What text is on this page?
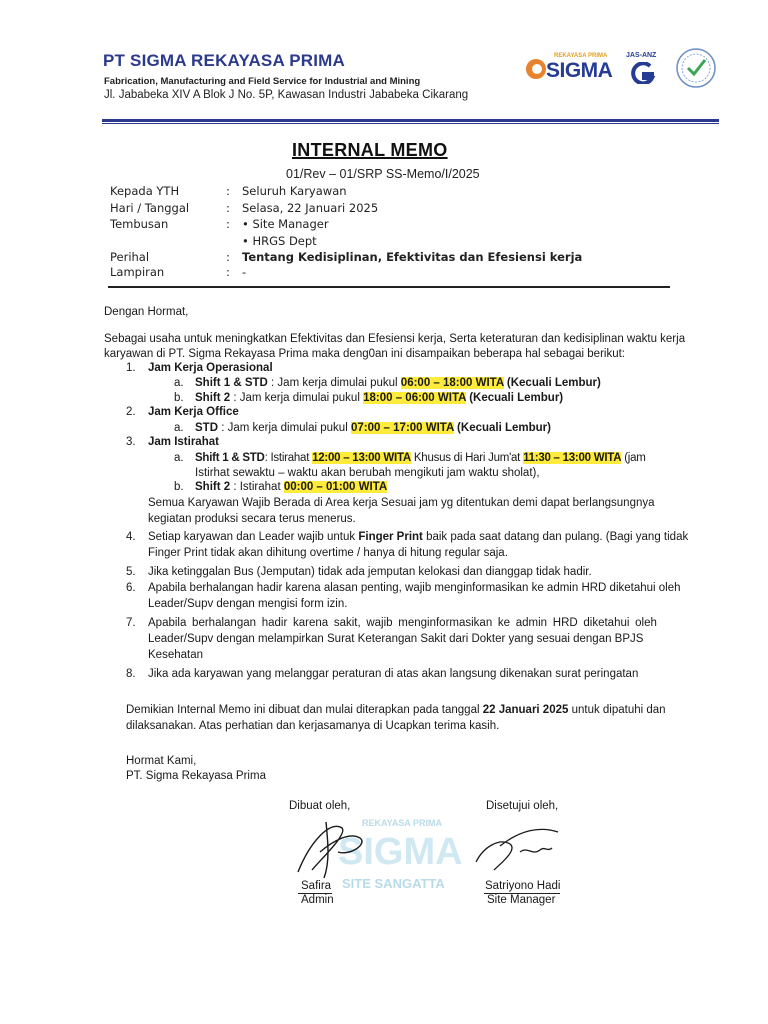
PT SIGMA REKAYASA PRIMA
Fabrication, Manufacturing and Field Service for Industrial and Mining
Jl. Jababeka XIV A Blok J No. 5P, Kawasan Industri Jababeka Cikarang
REKAYASA PRIMA
SIGMA
JAS-ANZ
INTERNAL MEMO
01/Rev – 01/SRP SS-Memo/I/2025
Kepada YTH	: Seluruh Karyawan
Hari / Tanggal	: Selasa, 22 Januari 2025
Tembusan	: • Site Manager
• HRGS Dept
Perihal	: Tentang Kedisiplinan, Efektivitas dan Efesiensi kerja
Lampiran	: -
Dengan Hormat,
Sebagai usaha untuk meningkatkan Efektivitas dan Efesiensi kerja, Serta keteraturan dan kedisiplinan waktu kerja
karyawan di PT. Sigma Rekayasa Prima maka deng0an ini disampaikan beberapa hal sebagai berikut:
1. Jam Kerja Operasional
a. Shift 1 & STD : Jam kerja dimulai pukul 06:00 – 18:00 WITA (Kecuali Lembur)
b. Shift 2 : Jam kerja dimulai pukul 18:00 – 06:00 WITA (Kecuali Lembur)
2. Jam Kerja Office
a. STD : Jam kerja dimulai pukul 07:00 – 17:00 WITA (Kecuali Lembur)
3. Jam Istirahat
a. Shift 1 & STD: Istirahat 12:00 – 13:00 WITA Khusus di Hari Jum'at 11:30 – 13:00 WITA (jam
Istirhat sewaktu – waktu akan berubah mengikuti jam waktu sholat),
b. Shift 2 : Istirahat 00:00 – 01:00 WITA
Semua Karyawan Wajib Berada di Area kerja Sesuai jam yg ditentukan demi dapat berlangsungnya
kegiatan produksi secara terus menerus.
4. Setiap karyawan dan Leader wajib untuk Finger Print baik pada saat datang dan pulang. (Bagi yang tidak
Finger Print tidak akan dihitung overtime / hanya di hitung regular saja.
5. Jika ketinggalan Bus (Jemputan) tidak ada jemputan kelokasi dan dianggap tidak hadir.
6. Apabila berhalangan hadir karena alasan penting, wajib menginformasikan ke admin HRD diketahui oleh
Leader/Supv dengan mengisi form izin.
7. Apabila berhalangan hadir karena sakit, wajib menginformasikan ke admin HRD diketahui oleh
Leader/Supv dengan melampirkan Surat Keterangan Sakit dari Dokter yang sesuai dengan BPJS
Kesehatan
8. Jika ada karyawan yang melanggar peraturan di atas akan langsung dikenakan surat peringatan
Demikian Internal Memo ini dibuat dan mulai diterapkan pada tanggal 22 Januari 2025 untuk dipatuhi dan
dilaksanakan. Atas perhatian dan kerjasamanya di Ucapkan terima kasih.
Hormat Kami,
PT. Sigma Rekayasa Prima
Dibuat oleh,	Disetujui oleh,
REKAYASA PRIMA
SIGMA
SITE SANGATTA
Safira
Admin
Satriyono Hadi
Site Manager
